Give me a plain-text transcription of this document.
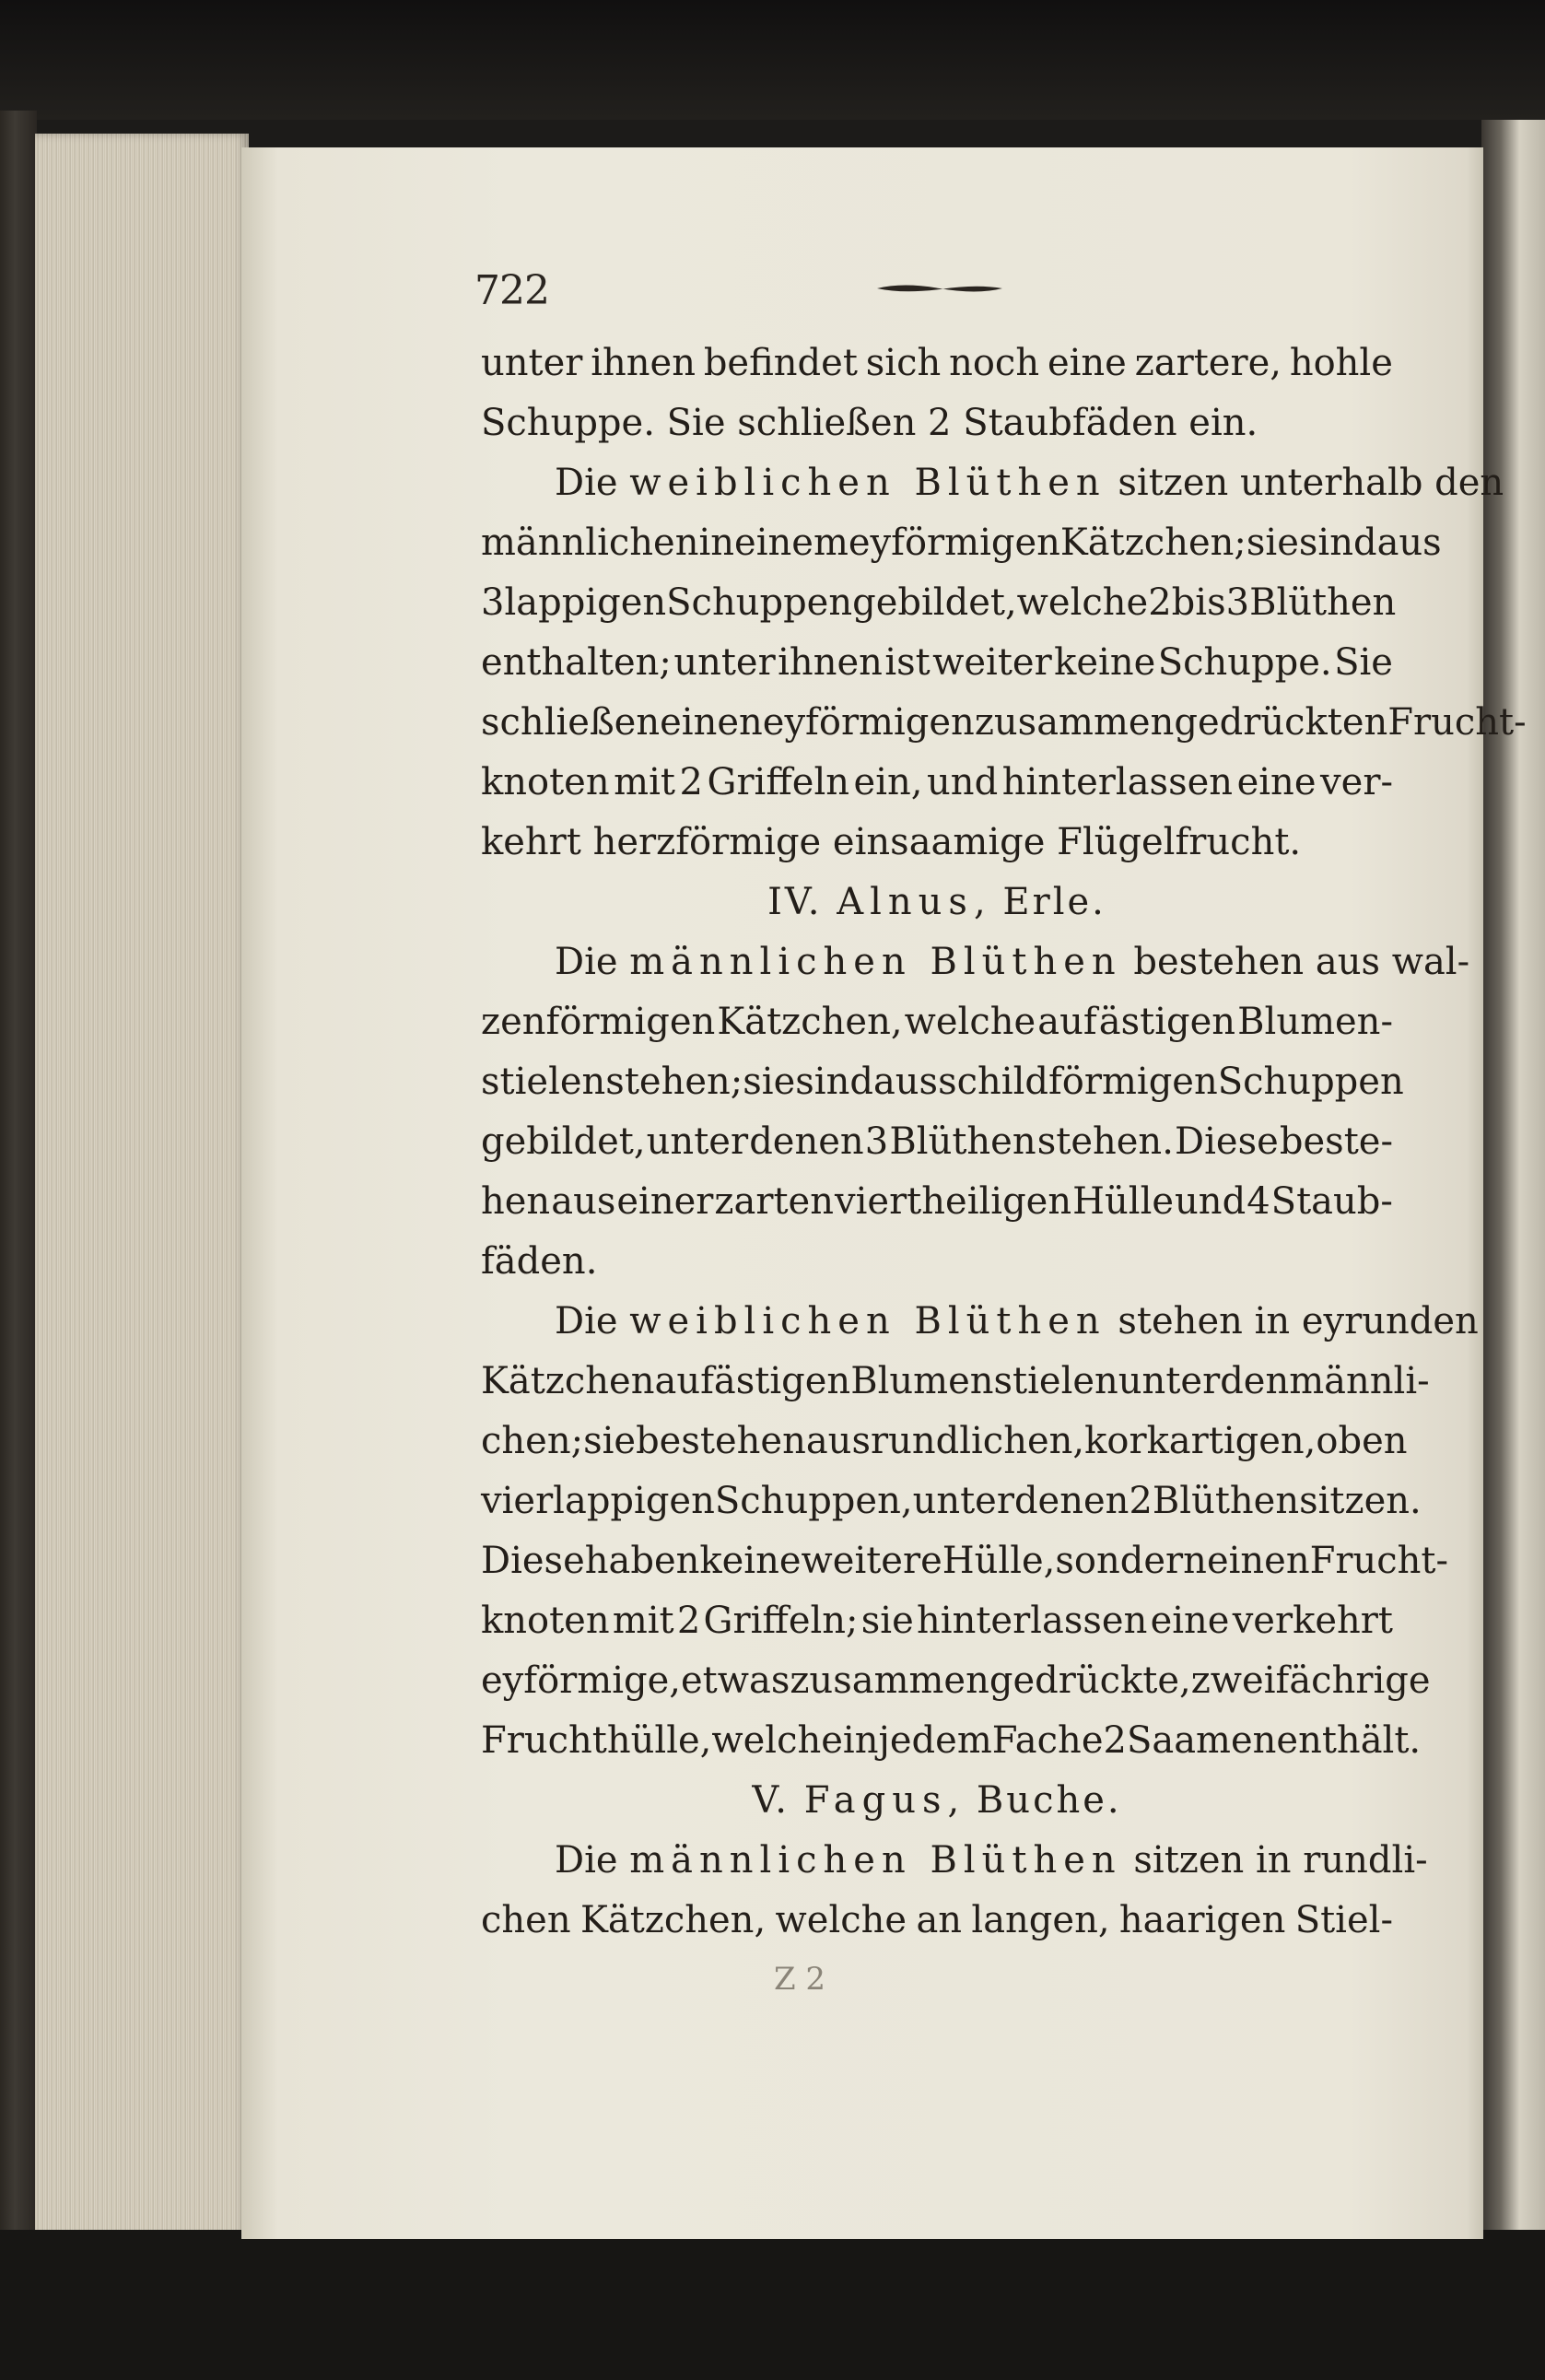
722
unter ihnen befindet sich noch eine zartere, hohle
Schuppe. Sie schließen 2 Staubfäden ein.
Die weiblichen Blüthen sitzen unterhalb den
männlichen in einem eyförmigen Kätzchen; sie sind aus
3lappigen Schuppen gebildet, welche 2 bis 3 Blüthen
enthalten; unter ihnen ist weiter keine Schuppe. Sie
schließen einen eyförmigen zusammengedrückten Frucht-
knoten mit 2 Griffeln ein, und hinterlassen eine ver-
kehrt herzförmige einsaamige Flügelfrucht.
IV. Alnus, Erle.
Die männlichen Blüthen bestehen aus wal-
zenförmigen Kätzchen, welche auf ästigen Blumen-
stielen stehen; sie sind aus schildförmigen Schuppen
gebildet, unter denen 3 Blüthen stehen. Diese beste-
hen aus einer zarten viertheiligen Hülle und 4 Staub-
fäden.
Die weiblichen Blüthen stehen in eyrunden
Kätzchen auf ästigen Blumenstielen unter den männli-
chen; sie bestehen aus rundlichen, korkartigen, oben
vierlappigen Schuppen, unter denen 2 Blüthen sitzen.
Diese haben keine weitere Hülle, sondern einen Frucht-
knoten mit 2 Griffeln; sie hinterlassen eine verkehrt
eyförmige, etwas zusammengedrückte, zweifächrige
Fruchthülle, welche in jedem Fache 2 Saamen enthält.
V. Fagus, Buche.
Die männlichen Blüthen sitzen in rundli-
chen Kätzchen, welche an langen, haarigen Stiel-
Z 2
